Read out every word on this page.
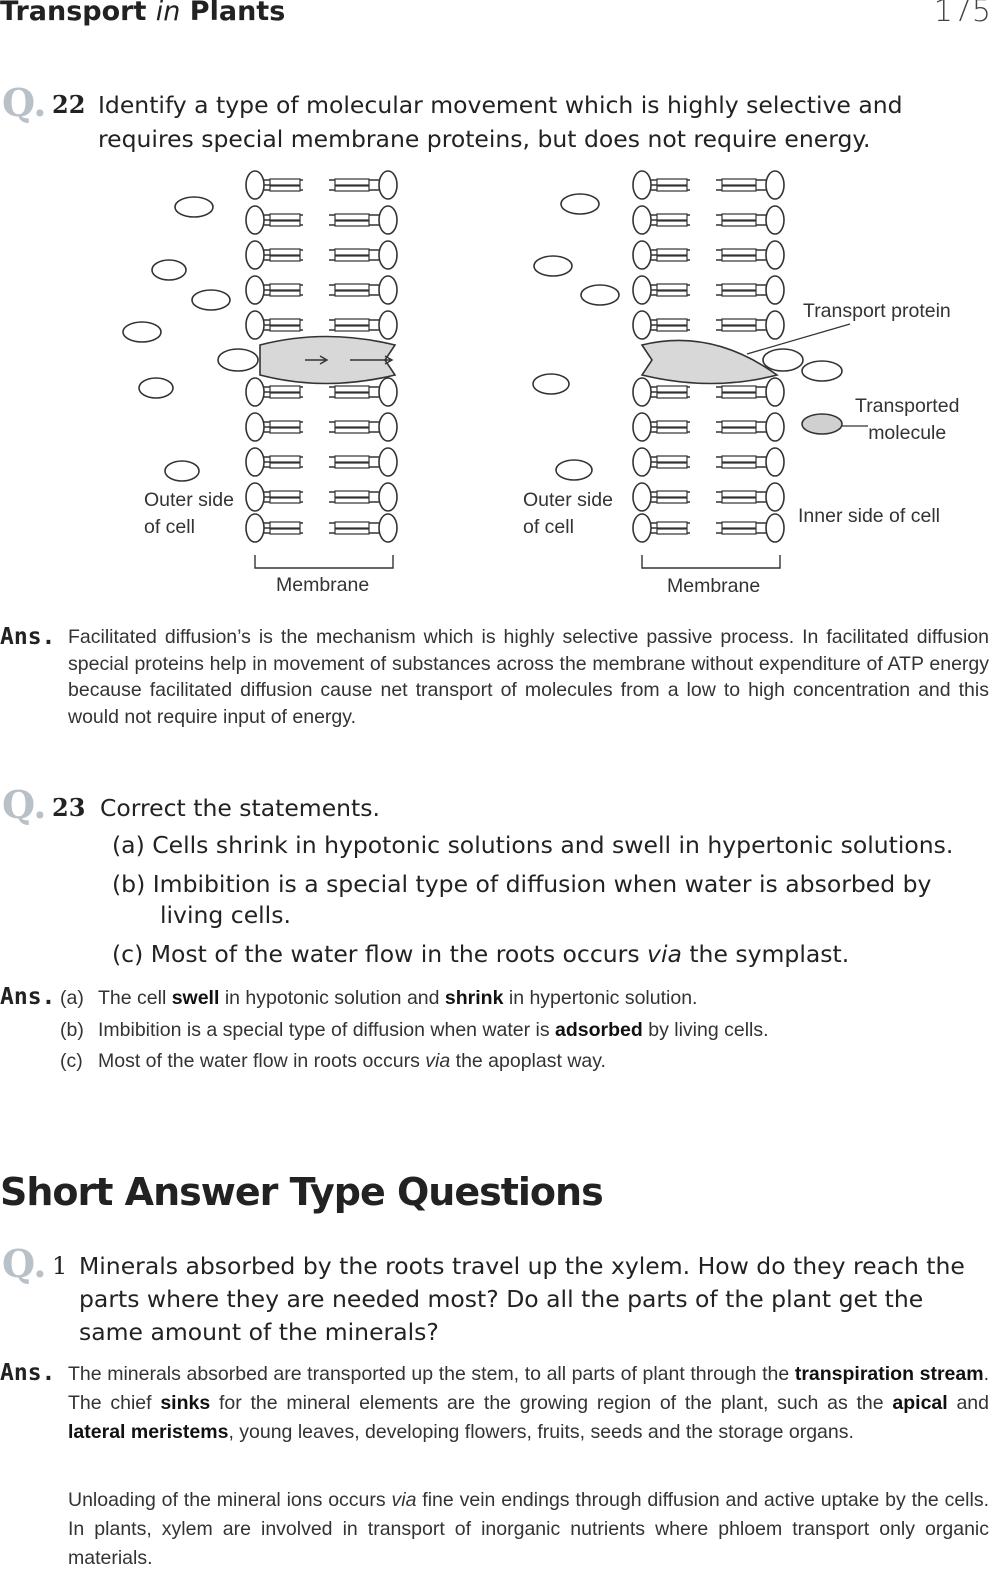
Transport in Plants	175
Q. 22 Identify a type of molecular movement which is highly selective and
requires special membrane proteins, but does not require energy.
Outer side
of cell
Membrane
Outer side
of cell
Membrane
Transport protein
Transported
molecule
Inner side of cell
Ans. Facilitated diffusion’s is the mechanism which is highly selective passive process. In facilitated diffusion special proteins help in movement of substances across the membrane without expenditure of ATP energy because facilitated diffusion cause net transport of molecules from a low to high concentration and this would not require input of energy.
Q. 23 Correct the statements.
(a) Cells shrink in hypotonic solutions and swell in hypertonic solutions.
(b) Imbibition is a special type of diffusion when water is absorbed by
living cells.
(c) Most of the water flow in the roots occurs via the symplast.
Ans. (a) The cell swell in hypotonic solution and shrink in hypertonic solution.
(b) Imbibition is a special type of diffusion when water is adsorbed by living cells.
(c) Most of the water flow in roots occurs via the apoplast way.
Short Answer Type Questions
Q. 1 Minerals absorbed by the roots travel up the xylem. How do they reach the
parts where they are needed most? Do all the parts of the plant get the
same amount of the minerals?
Ans. The minerals absorbed are transported up the stem, to all parts of plant through the transpiration stream. The chief sinks for the mineral elements are the growing region of the plant, such as the apical and lateral meristems, young leaves, developing flowers, fruits, seeds and the storage organs.
Unloading of the mineral ions occurs via fine vein endings through diffusion and active uptake by the cells. In plants, xylem are involved in transport of inorganic nutrients where phloem transport only organic materials.
